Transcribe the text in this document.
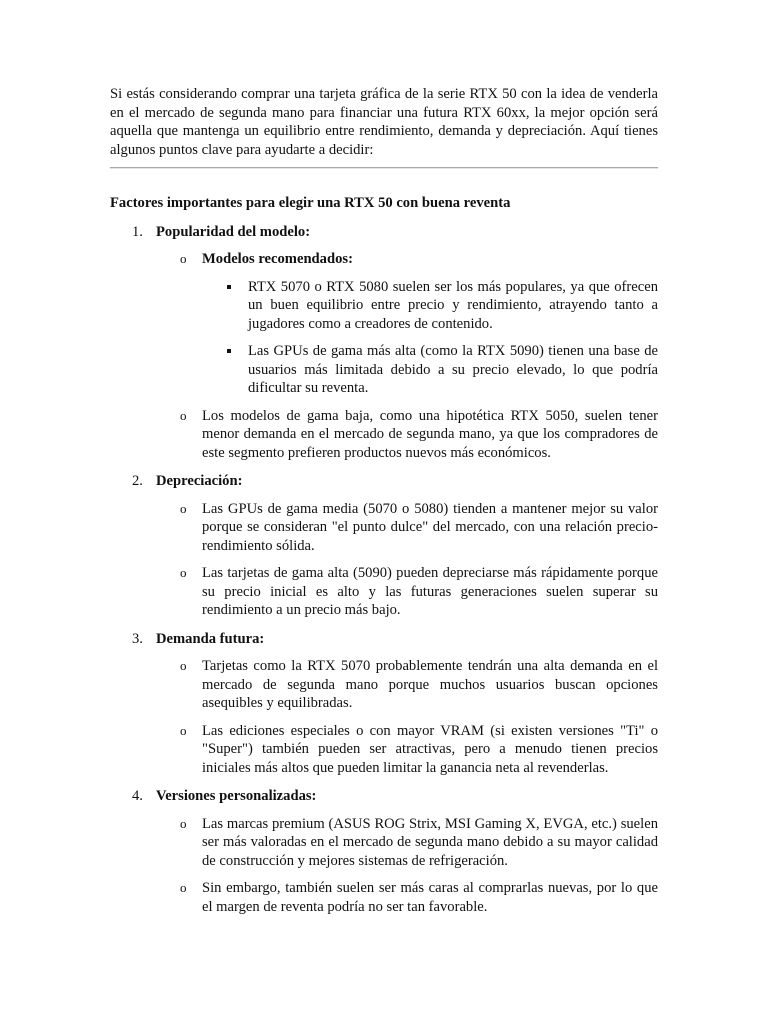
Si estás considerando comprar una tarjeta gráfica de la serie RTX 50 con la idea de venderla en el mercado de segunda mano para financiar una futura RTX 60xx, la mejor opción será aquella que mantenga un equilibrio entre rendimiento, demanda y depreciación. Aquí tienes algunos puntos clave para ayudarte a decidir:

Factores importantes para elegir una RTX 50 con buena reventa
1. Popularidad del modelo:
o Modelos recomendados:

RTX 5070 o RTX 5080 suelen ser los más populares, ya que ofrecen un buen equilibrio entre precio y rendimiento, atrayendo tanto a jugadores como a creadores de contenido.

Las GPUs de gama más alta (como la RTX 5090) tienen una base de usuarios más limitada debido a su precio elevado, lo que podría dificultar su reventa.

o Los modelos de gama baja, como una hipotética RTX 5050, suelen tener menor demanda en el mercado de segunda mano, ya que los compradores de este segmento prefieren productos nuevos más económicos.

2. Depreciación:
o Las GPUs de gama media (5070 o 5080) tienden a mantener mejor su valor porque se consideran "el punto dulce" del mercado, con una relación precio-rendimiento sólida.

o Las tarjetas de gama alta (5090) pueden depreciarse más rápidamente porque su precio inicial es alto y las futuras generaciones suelen superar su rendimiento a un precio más bajo.

3. Demanda futura:
o Tarjetas como la RTX 5070 probablemente tendrán una alta demanda en el mercado de segunda mano porque muchos usuarios buscan opciones asequibles y equilibradas.

o Las ediciones especiales o con mayor VRAM (si existen versiones "Ti" o "Super") también pueden ser atractivas, pero a menudo tienen precios iniciales más altos que pueden limitar la ganancia neta al revenderlas.

4. Versiones personalizadas:
o Las marcas premium (ASUS ROG Strix, MSI Gaming X, EVGA, etc.) suelen ser más valoradas en el mercado de segunda mano debido a su mayor calidad de construcción y mejores sistemas de refrigeración.

o Sin embargo, también suelen ser más caras al comprarlas nuevas, por lo que el margen de reventa podría no ser tan favorable.
